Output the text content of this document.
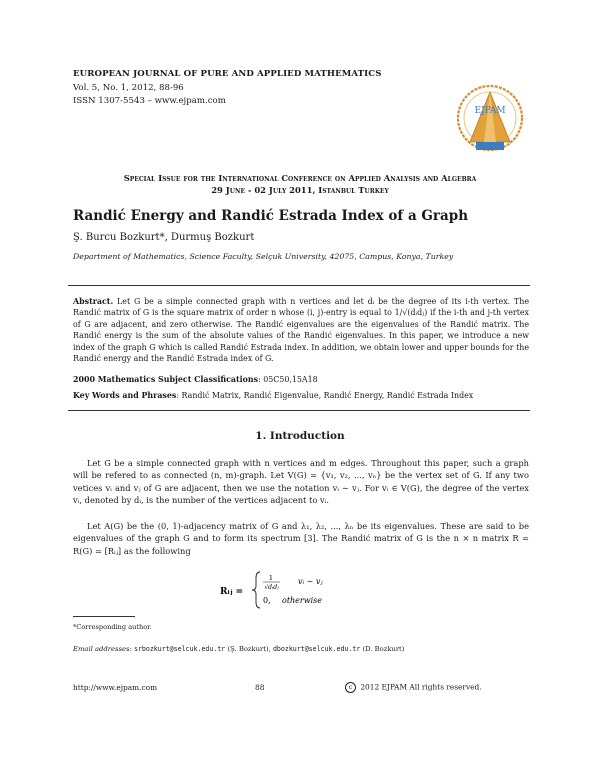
EUROPEAN JOURNAL OF PURE AND APPLIED MATHEMATICS
Vol. 5, No. 1, 2012, 88-96
ISSN 1307-5543 – www.ejpam.com
EJPAM
Special Issue for the International Conference on Applied Analysis and Algebra
29 June - 02 July 2011, Istanbul Turkey
Randić Energy and Randić Estrada Index of a Graph
Ş. Burcu Bozkurt*, Durmuş Bozkurt
Department of Mathematics, Science Faculty, Selçuk University, 42075, Campus, Konya, Turkey
Abstract. Let G be a simple connected graph with n vertices and let dᵢ be the degree of its i-th vertex. The Randić matrix of G is the square matrix of order n whose (i, j)-entry is equal to 1/√(dᵢdⱼ) if the i-th and j-th vertex of G are adjacent, and zero otherwise. The Randić eigenvalues are the eigenvalues of the Randić matrix. The Randić energy is the sum of the absolute values of the Randić eigenvalues. In this paper, we introduce a new index of the graph G which is called Randić Estrada index. In addition, we obtain lower and upper bounds for the Randić energy and the Randić Estrada index of G.
2000 Mathematics Subject Classifications: 05C50,15A18
Key Words and Phrases: Randić Matrix, Randić Eigenvalue, Randić Energy, Randić Estrada Index
1. Introduction
Let G be a simple connected graph with n vertices and m edges. Throughout this paper, such a graph will be refered to as connected (n, m)-graph. Let V(G) = {v₁, v₂, ..., vₙ} be the vertex set of G. If any two vetices vᵢ and vⱼ of G are adjacent, then we use the notation vᵢ ∼ vⱼ. For vᵢ ∈ V(G), the degree of the vertex vᵢ, denoted by dᵢ, is the number of the vertices adjacent to vᵢ.
Let A(G) be the (0, 1)-adjacency matrix of G and λ₁, λ₂, ..., λₙ be its eigenvalues. These are said to be eigenvalues of the graph G and to form its spectrum [3]. The Randić matrix of G is the n × n matrix R = R(G) = [Rᵢⱼ] as the following
Rᵢⱼ =
1
√dᵢdⱼ
vᵢ ∼ vⱼ
0, otherwise
*Corresponding author.
Email addresses: srbozkurt@selcuk.edu.tr (Ş. Bozkurt), dbozkurt@selcuk.edu.tr (D. Bozkurt)
http://www.ejpam.com	88	c 2012 EJPAM All rights reserved.
